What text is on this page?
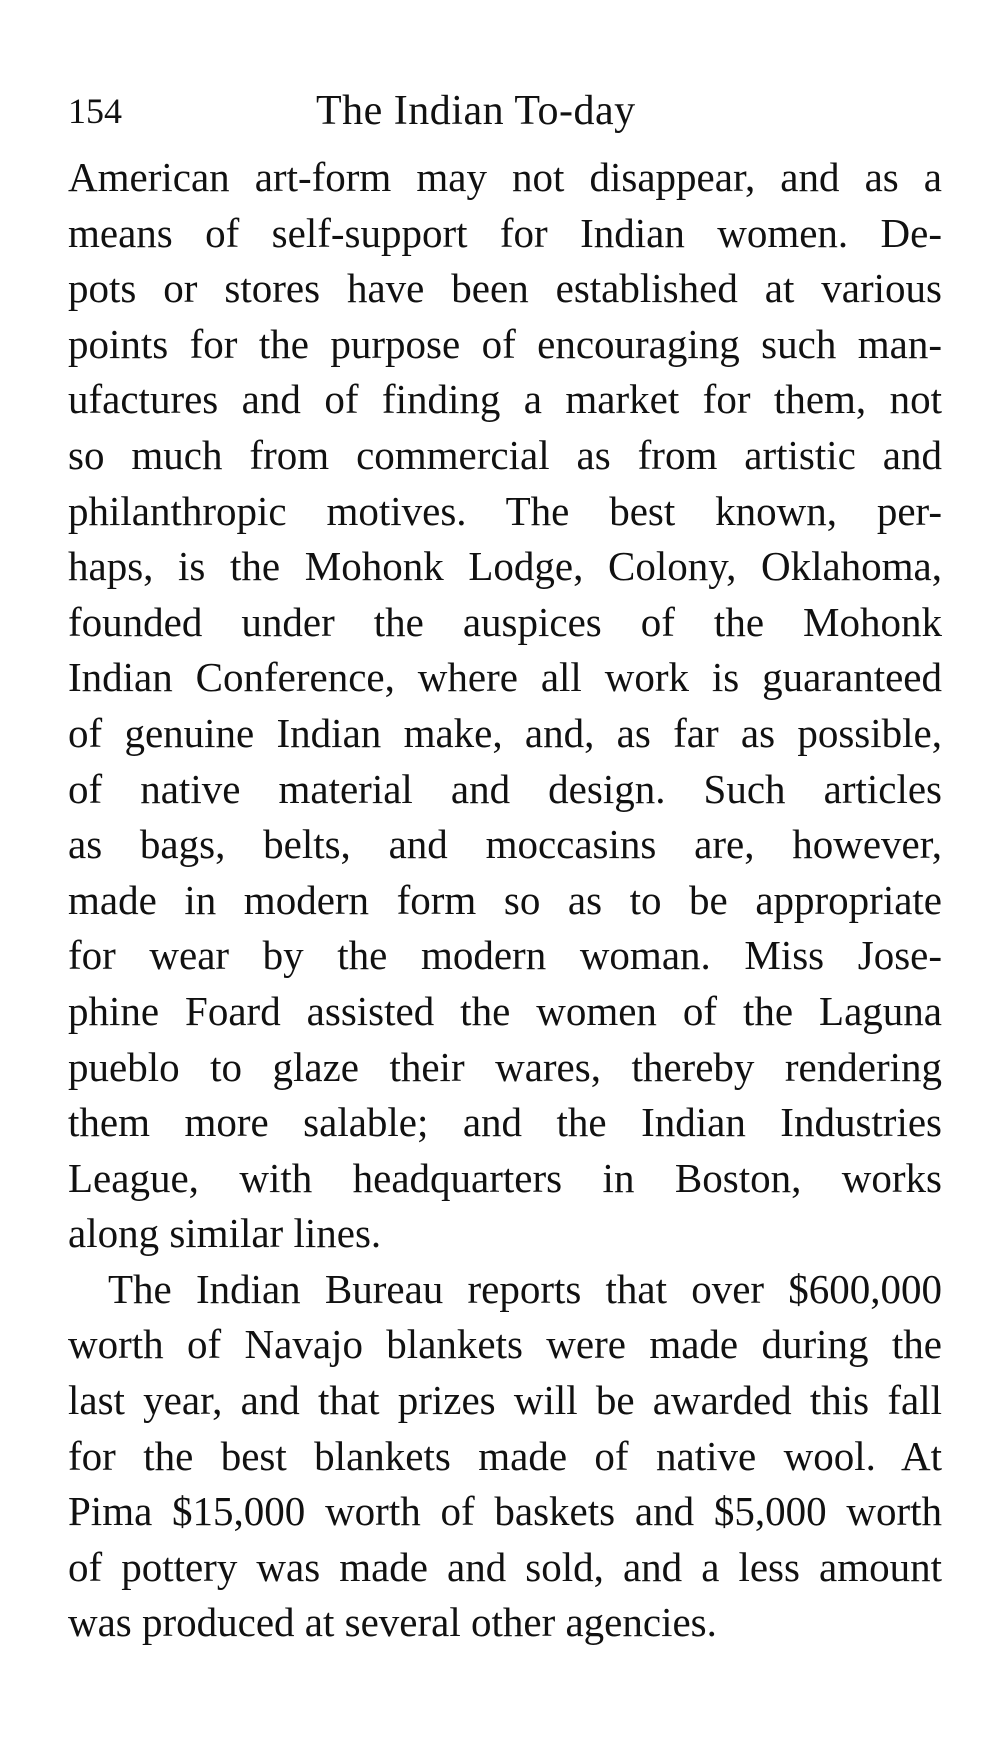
154	The Indian To-day
American art-form may not disappear, and as a
means of self-support for Indian women. De-
pots or stores have been established at various
points for the purpose of encouraging such man-
ufactures and of finding a market for them, not
so much from commercial as from artistic and
philanthropic motives. The best known, per-
haps, is the Mohonk Lodge, Colony, Oklahoma,
founded under the auspices of the Mohonk
Indian Conference, where all work is guaranteed
of genuine Indian make, and, as far as possible,
of native material and design. Such articles
as bags, belts, and moccasins are, however,
made in modern form so as to be appropriate
for wear by the modern woman. Miss Jose-
phine Foard assisted the women of the Laguna
pueblo to glaze their wares, thereby rendering
them more salable; and the Indian Industries
League, with headquarters in Boston, works
along similar lines.
The Indian Bureau reports that over $600,000
worth of Navajo blankets were made during the
last year, and that prizes will be awarded this fall
for the best blankets made of native wool. At
Pima $15,000 worth of baskets and $5,000 worth
of pottery was made and sold, and a less amount
was produced at several other agencies.
